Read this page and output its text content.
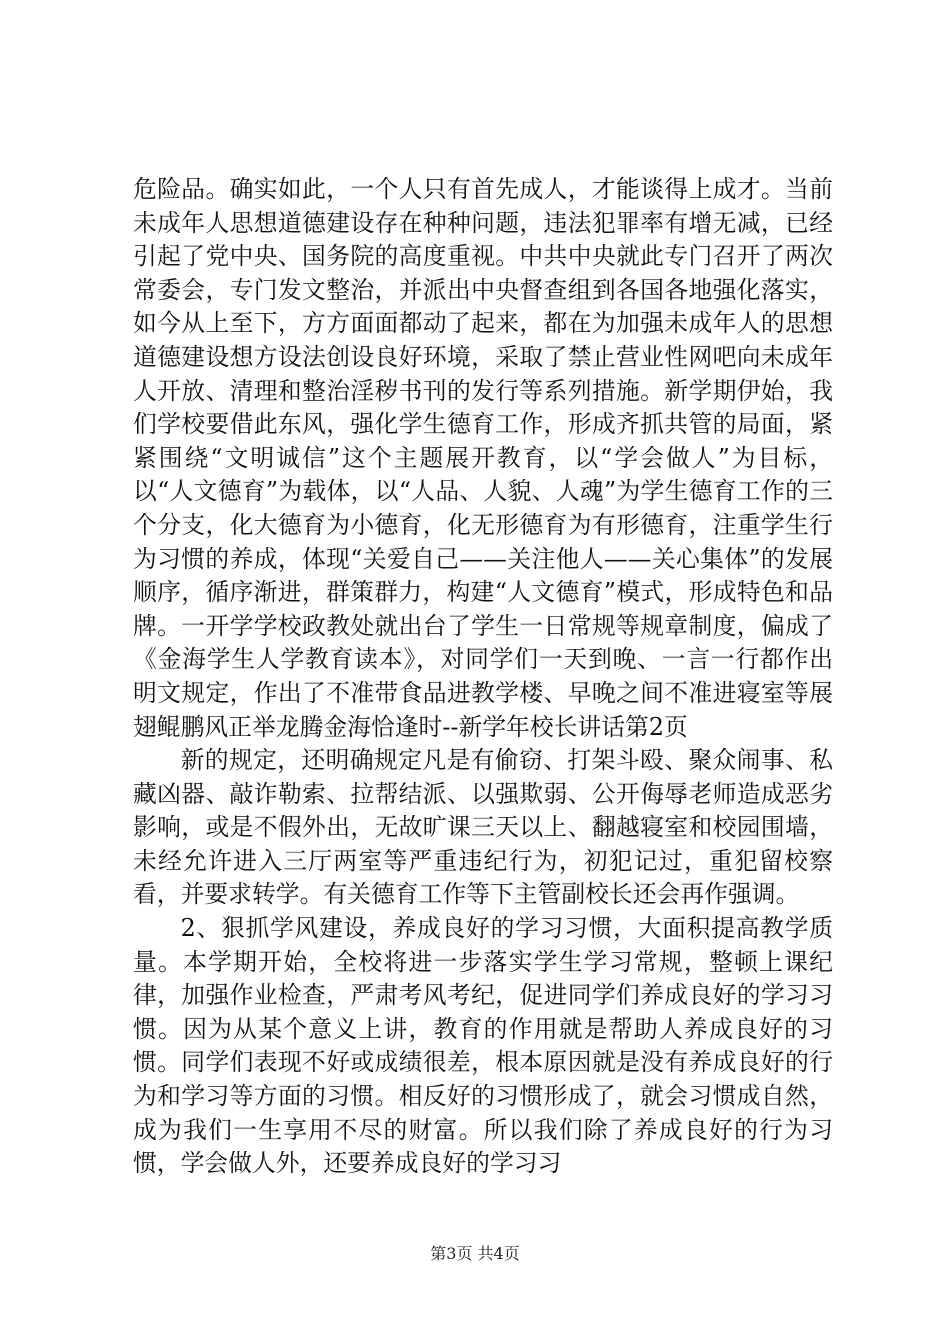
危险品。确实如此，一个人只有首先成人，才能谈得上成才。当前未成年人思想道德建设存在种种问题，违法犯罪率有增无减，已经引起了党中央、国务院的高度重视。中共中央就此专门召开了两次常委会，专门发文整治，并派出中央督查组到各国各地强化落实，如今从上至下，方方面面都动了起来，都在为加强未成年人的思想道德建设想方设法创设良好环境，采取了禁止营业性网吧向未成年人开放、清理和整治淫秽书刊的发行等系列措施。新学期伊始，我们学校要借此东风，强化学生德育工作，形成齐抓共管的局面，紧紧围绕“文明诚信”这个主题展开教育，以“学会做人”为目标，以“人文德育”为载体，以“人品、人貌、人魂”为学生德育工作的三个分支，化大德育为小德育，化无形德育为有形德育，注重学生行为习惯的养成，体现“关爱自己——关注他人——关心集体”的发展顺序，循序渐进，群策群力，构建“人文德育”模式，形成特色和品牌。一开学学校政教处就出台了学生一日常规等规章制度，偏成了《金海学生人学教育读本》，对同学们一天到晚、一言一行都作出明文规定，作出了不准带食品进教学楼、早晚之间不准进寝室等展翅鲲鹏风正举龙腾金海恰逢时--新学年校长讲话第2页

新的规定，还明确规定凡是有偷窃、打架斗殴、聚众闹事、私藏凶器、敲诈勒索、拉帮结派、以强欺弱、公开侮辱老师造成恶劣影响，或是不假外出，无故旷课三天以上、翻越寝室和校园围墙，未经允许进入三厅两室等严重违纪行为，初犯记过，重犯留校察看，并要求转学。有关德育工作等下主管副校长还会再作强调。

2、狠抓学风建设，养成良好的学习习惯，大面积提高教学质量。本学期开始，全校将进一步落实学生学习常规，整顿上课纪律，加强作业检查，严肃考风考纪，促进同学们养成良好的学习习惯。因为从某个意义上讲，教育的作用就是帮助人养成良好的习惯。同学们表现不好或成绩很差，根本原因就是没有养成良好的行为和学习等方面的习惯。相反好的习惯形成了，就会习惯成自然，成为我们一生享用不尽的财富。所以我们除了养成良好的行为习惯，学会做人外，还要养成良好的学习习

第3页 共4页
